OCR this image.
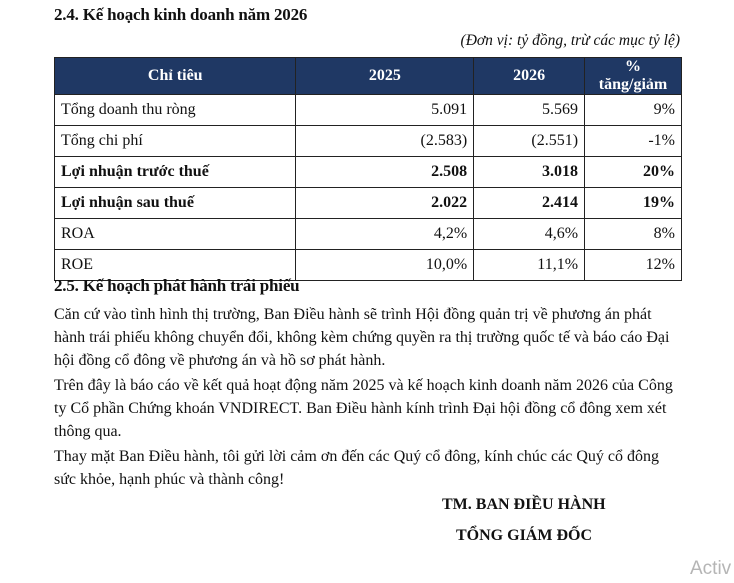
2.4. Kế hoạch kinh doanh năm 2026
(Đơn vị: tỷ đồng, trừ các mục tỷ lệ)
Chỉ tiêu	2025	2026	% tăng/giảm
Tổng doanh thu ròng	5.091	5.569	9%
Tổng chi phí	(2.583)	(2.551)	-1%
Lợi nhuận trước thuế	2.508	3.018	20%
Lợi nhuận sau thuế	2.022	2.414	19%
ROA	4,2%	4,6%	8%
ROE	10,0%	11,1%	12%
2.5. Kế hoạch phát hành trái phiếu
Căn cứ vào tình hình thị trường, Ban Điều hành sẽ trình Hội đồng quản trị về phương án phát hành trái phiếu không chuyển đổi, không kèm chứng quyền ra thị trường quốc tế và báo cáo Đại hội đồng cổ đông về phương án và hồ sơ phát hành.
Trên đây là báo cáo về kết quả hoạt động năm 2025 và kế hoạch kinh doanh năm 2026 của Công ty Cổ phần Chứng khoán VNDIRECT. Ban Điều hành kính trình Đại hội đồng cổ đông xem xét thông qua.
Thay mặt Ban Điều hành, tôi gửi lời cảm ơn đến các Quý cổ đông, kính chúc các Quý cổ đông sức khỏe, hạnh phúc và thành công!
TM. BAN ĐIỀU HÀNH
TỔNG GIÁM ĐỐC
Activ
